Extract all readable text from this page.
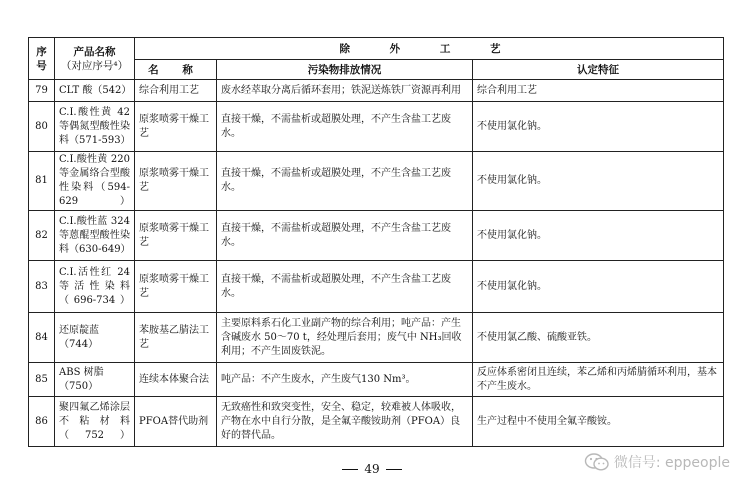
序号	产品名称
（对应序号⁴）	除 外 工 艺		
		名 称	污染物排放情况	认定特征
79	CLT 酸（542）	综合利用工艺	废水经萃取分离后循环套用；铁泥送炼铁厂资源再利用	综合利用工艺
80	C.I.酸性黄 42 等偶氮型酸性染料（571-593）	原浆喷雾干燥工艺	直接干燥，不需盐析或超膜处理，不产生含盐工艺废水。	不使用氯化钠。
81	C.I.酸性黄 220 等金属络合型酸性染料（594-629）	原浆喷雾干燥工艺	直接干燥，不需盐析或超膜处理，不产生含盐工艺废水。	不使用氯化钠。
82	C.I.酸性蓝 324 等蒽醌型酸性染料（630-649）	原浆喷雾干燥工艺	直接干燥，不需盐析或超膜处理，不产生含盐工艺废水。	不使用氯化钠。
83	C.I.活性红 24 等活性染料（696-734）	原浆喷雾干燥工艺	直接干燥，不需盐析或超膜处理，不产生含盐工艺废水。	不使用氯化钠。
84	还原靛蓝（744）	苯胺基乙腈法工艺	主要原料系石化工业副产物的综合利用；吨产品：产生含碱废水 50～70 t，经处理后套用；废气中 NH₃回收利用；不产生固废铁泥。	不使用氯乙酸、硫酸亚铁。
85	ABS 树脂（750）	连续本体聚合法	吨产品：不产生废水，产生废气130 Nm³。	反应体系密闭且连续，苯乙烯和丙烯腈循环利用，基本不产生废水。
86	聚四氟乙烯涂层不粘材料（752）	PFOA替代助剂	无致癌性和致突变性，安全、稳定，较难被人体吸收，产物在水中自行分散，是全氟辛酸铵助剂（PFOA）良好的替代品。	生产过程中不使用全氟辛酸铵。
49	微信号: eppeople
